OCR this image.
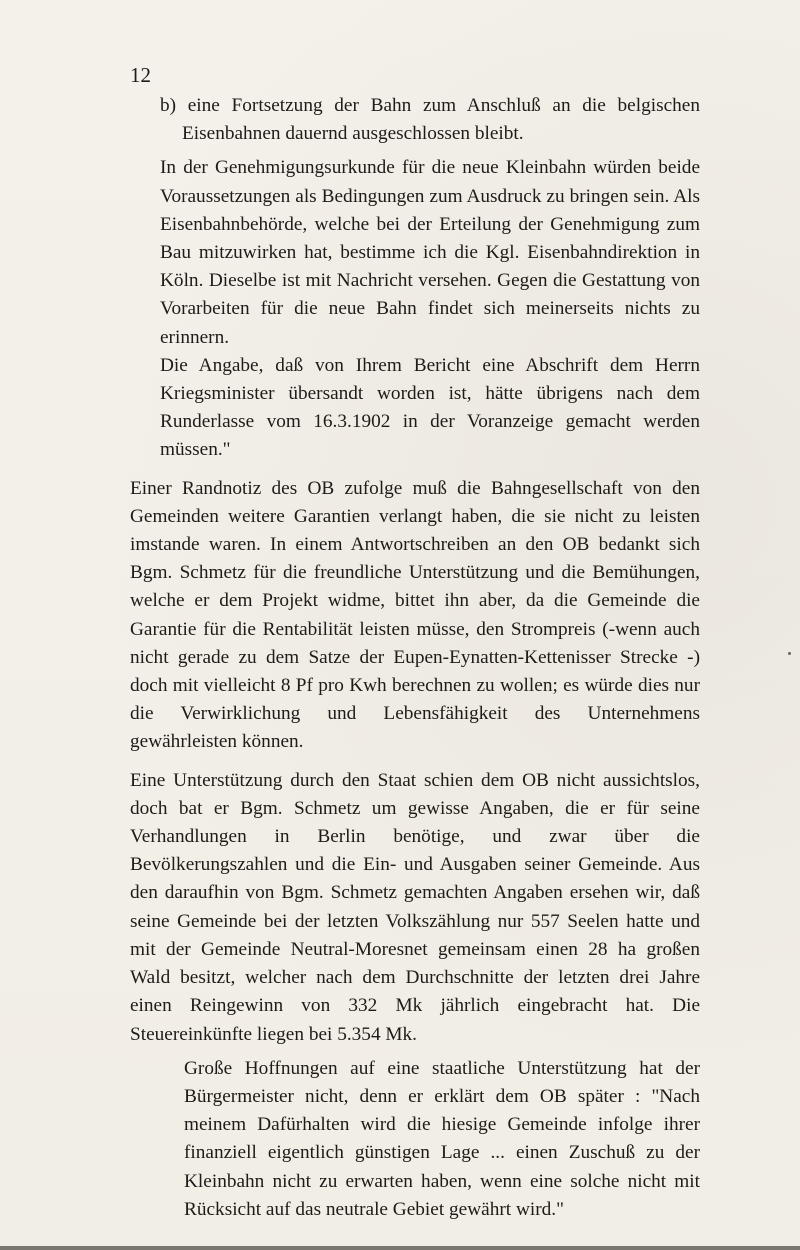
12

b) eine Fortsetzung der Bahn zum Anschluß an die belgischen Eisenbahnen dauernd ausgeschlossen bleibt.

In der Genehmigungsurkunde für die neue Kleinbahn würden beide Voraussetzungen als Bedingungen zum Ausdruck zu bringen sein. Als Eisenbahnbehörde, welche bei der Erteilung der Genehmigung zum Bau mitzuwirken hat, bestimme ich die Kgl. Eisenbahndirektion in Köln. Dieselbe ist mit Nachricht versehen. Gegen die Gestattung von Vorarbeiten für die neue Bahn findet sich meinerseits nichts zu erinnern.

Die Angabe, daß von Ihrem Bericht eine Abschrift dem Herrn Kriegsminister übersandt worden ist, hätte übrigens nach dem Runderlasse vom 16.3.1902 in der Voranzeige gemacht werden müssen."

Einer Randnotiz des OB zufolge muß die Bahngesellschaft von den Gemeinden weitere Garantien verlangt haben, die sie nicht zu leisten imstande waren. In einem Antwortschreiben an den OB bedankt sich Bgm. Schmetz für die freundliche Unterstützung und die Bemühungen, welche er dem Projekt widme, bittet ihn aber, da die Gemeinde die Garantie für die Rentabilität leisten müsse, den Strompreis (-wenn auch nicht gerade zu dem Satze der Eupen-Eynatten-Kettenisser Strecke -) doch mit vielleicht 8 Pf pro Kwh berechnen zu wollen; es würde dies nur die Verwirklichung und Lebensfähigkeit des Unternehmens gewährleisten können.

Eine Unterstützung durch den Staat schien dem OB nicht aussichtslos, doch bat er Bgm. Schmetz um gewisse Angaben, die er für seine Verhandlungen in Berlin benötige, und zwar über die Bevölkerungszahlen und die Ein- und Ausgaben seiner Gemeinde. Aus den daraufhin von Bgm. Schmetz gemachten Angaben ersehen wir, daß seine Gemeinde bei der letzten Volkszählung nur 557 Seelen hatte und mit der Gemeinde Neutral-Moresnet gemeinsam einen 28 ha großen Wald besitzt, welcher nach dem Durchschnitte der letzten drei Jahre einen Reingewinn von 332 Mk jährlich eingebracht hat. Die Steuereinkünfte liegen bei 5.354 Mk.

Große Hoffnungen auf eine staatliche Unterstützung hat der Bürgermeister nicht, denn er erklärt dem OB später : "Nach meinem Dafürhalten wird die hiesige Gemeinde infolge ihrer finanziell eigentlich günstigen Lage ... einen Zuschuß zu der Kleinbahn nicht zu erwarten haben, wenn eine solche nicht mit Rücksicht auf das neutrale Gebiet gewährt wird."
